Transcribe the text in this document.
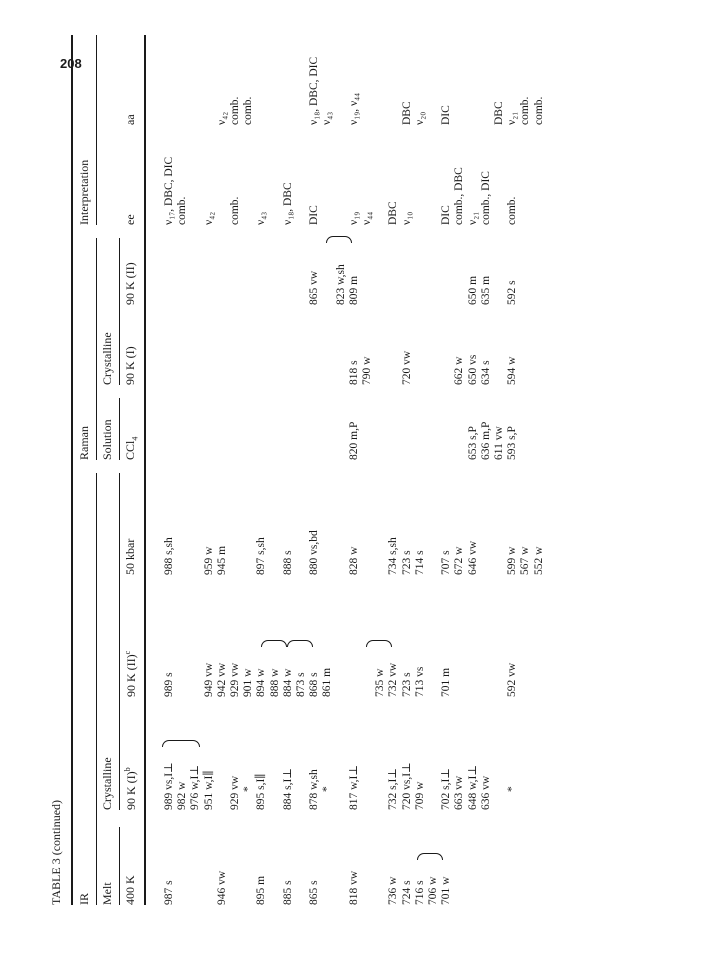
208
TABLE 3 (continued) IR
Raman
Interpretation
Melt
Crystalline
Solution
Crystalline
400 K
90 K $(I)^b$
90 K (II)$^c$
50 kbar
CCl$_4$
90 K (I)
90 K (II)
ee
aa
987 s
989 vs,I⊥
989 s
988 s,sh
ν₁₇, DBC, DIC
982 w
comb.
976 w,I⊥ 951 w,I∥
949 vw
959 w
ν₄₂
946 vw
942 vw
945 m
ν₄₂
929 vw
929 vw
comb.
comb.
*
901 w
comb.
895 m
895 s,I∥
894 w
897 s,sh
ν₄₃
888 w
885 s
884 s,I⊥
884 w
888 s
ν₁₈, DBC
873 s
865 s
878 w,sh
868 s
880 vs,bd
865 vw
DIC
ν₁₈, DBC, DIC
*
861 m
ν₄₃
823 w,sh
818 vw
817 w,I⊥
828 w
820 m,P
818 s
809 m
ν₁₉
ν₁₉, ν₄₄
790 w
ν₄₄
735 w
736 w
732 s,I⊥
732 vw
734 s,sh
DBC
724 s
720 vs,I⊥
723 s
723 s
720 vw
ν₁₀
DBC
716 s
709 w
713 vs
714 s
ν₂₀
706 w 701 w
702 s,I⊥
701 m
707 s
DIC
DIC
663 vw
672 w
662 w
comb., DBC
648 w,I⊥
646 vw
653 s,P
650 vs
650 m
ν₂₁
636 vw
636 m,P
634 s
635 m
comb., DIC
611 vw
DBC
*
592 vw
599 w
593 s,P
594 w
592 s
comb.
ν₂₁
567 w
comb.
552 w
comb.
